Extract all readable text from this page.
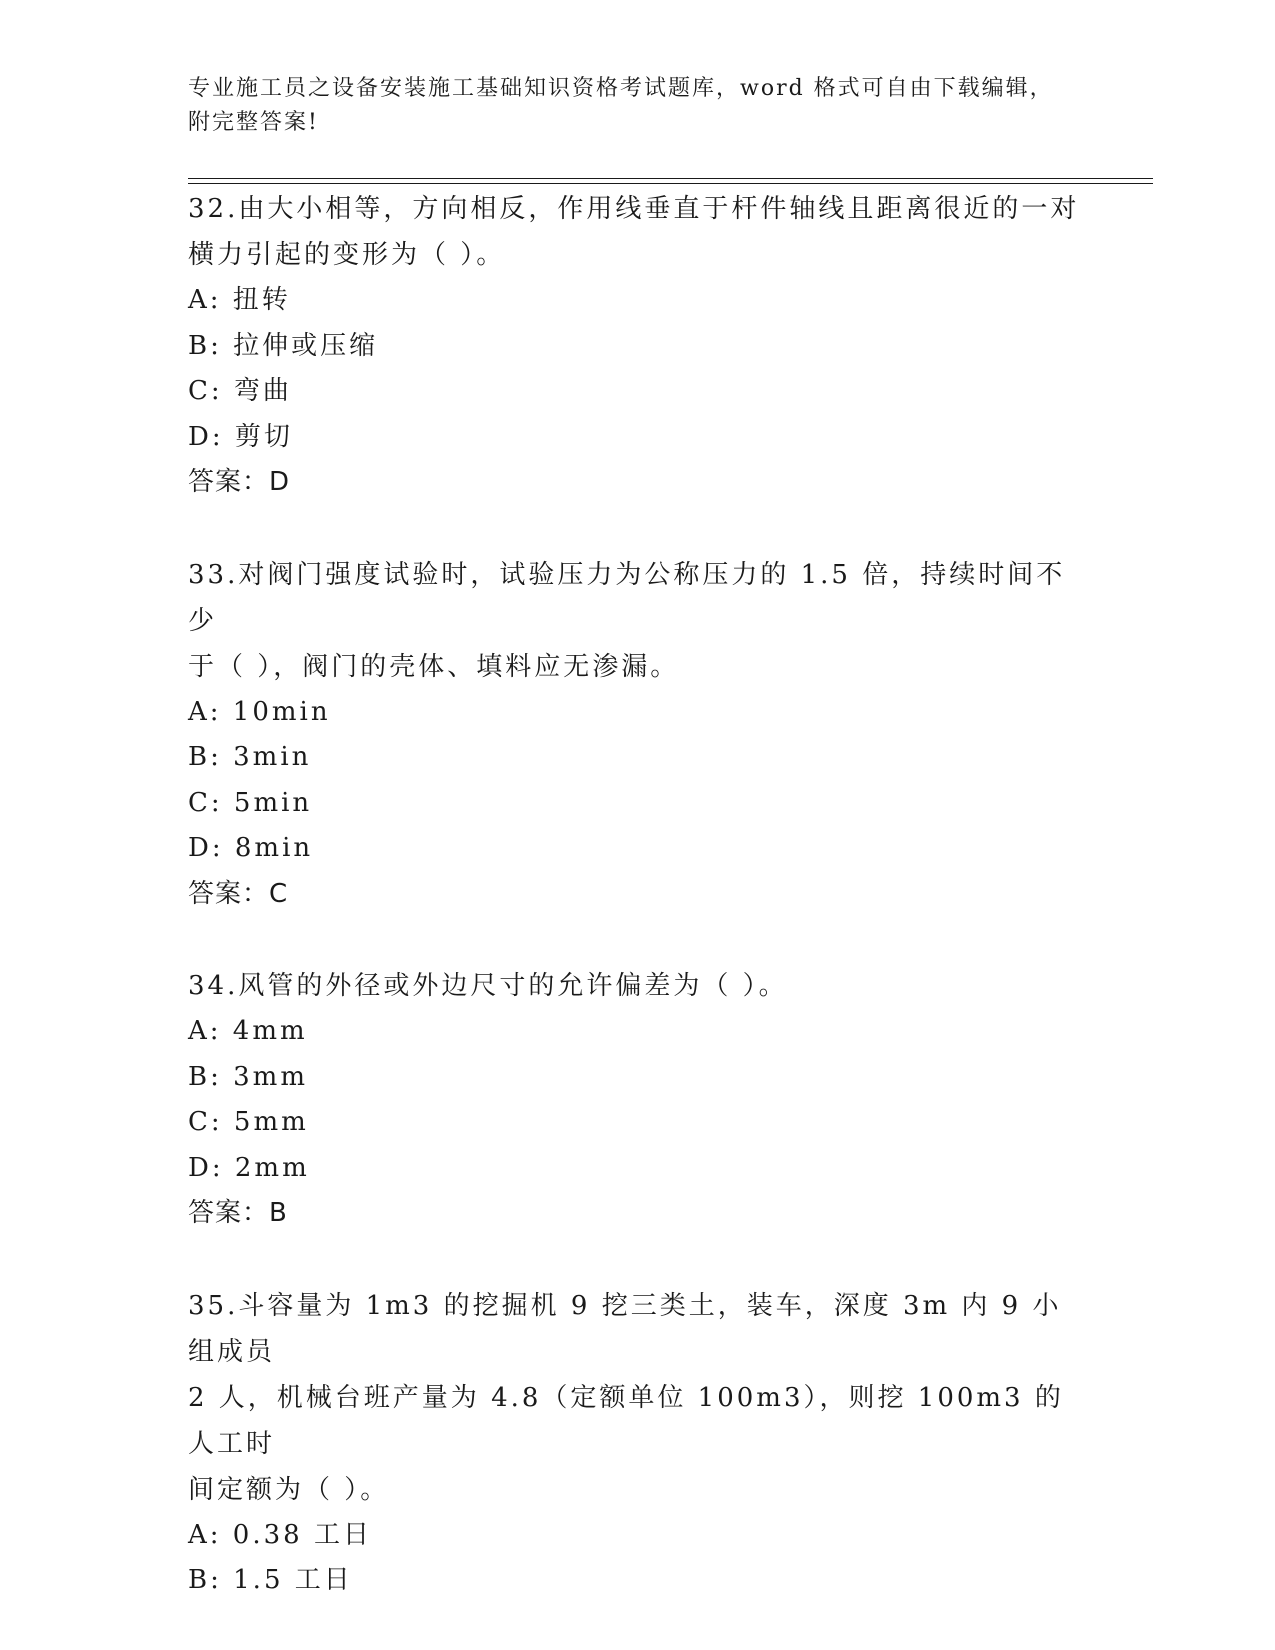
专业施工员之设备安装施工基础知识资格考试题库，word 格式可自由下载编辑，
附完整答案!
32.由大小相等，方向相反，作用线垂直于杆件轴线且距离很近的一对
横力引起的变形为（ ）。
A: 扭转
B: 拉伸或压缩
C: 弯曲
D: 剪切
答案：D
33.对阀门强度试验时，试验压力为公称压力的 1.5 倍，持续时间不少
于（ ），阀门的壳体、填料应无渗漏。
A: 10min
B: 3min
C: 5min
D: 8min
答案：C
34.风管的外径或外边尺寸的允许偏差为（ ）。
A: 4mm
B: 3mm
C: 5mm
D: 2mm
答案：B
35.斗容量为 1m3 的挖掘机 9 挖三类土，装车，深度 3m 内 9 小组成员
2 人，机械台班产量为 4.8（定额单位 100m3），则挖 100m3 的人工时
间定额为（ ）。
A: 0.38 工日
B: 1.5 工日
